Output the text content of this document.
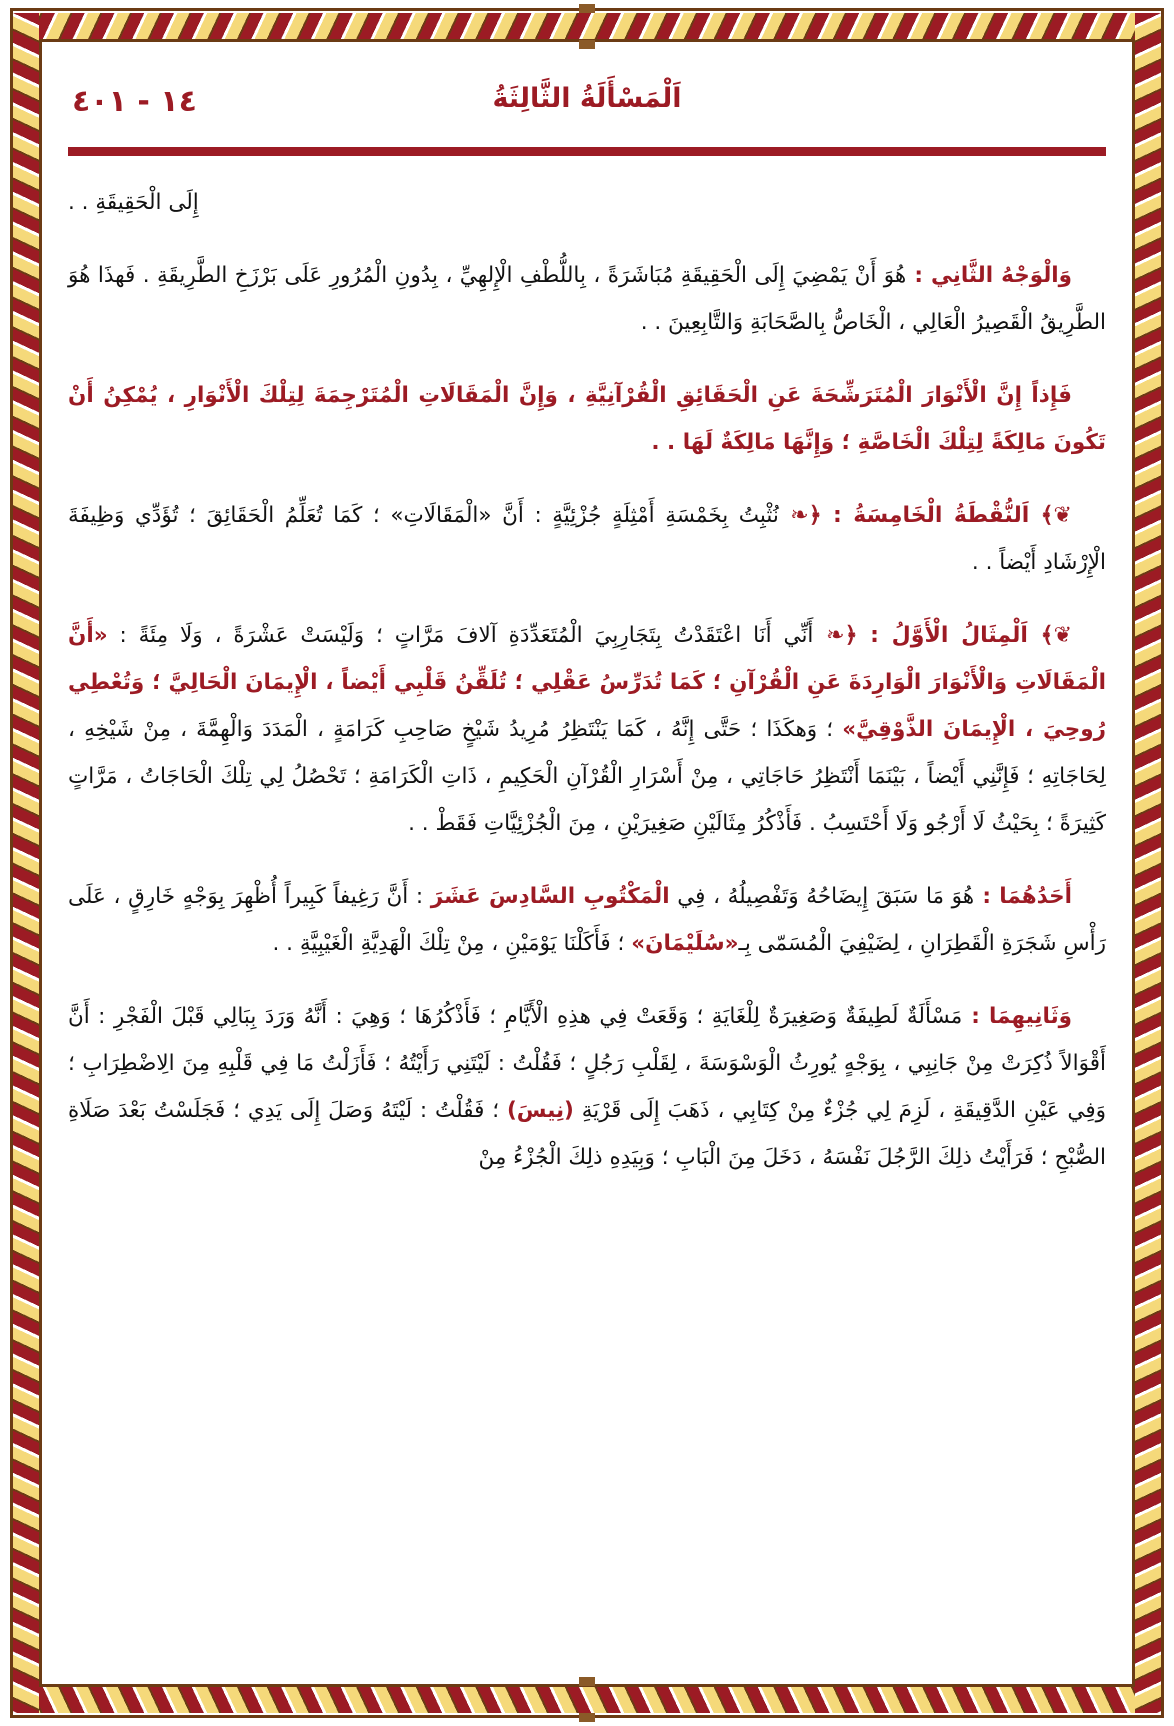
١٤ - ٤٠١	اَلْمَسْأَلَةُ الثَّالِثَةُ

إِلَى الْحَقِيقَةِ . .

وَالْوَجْهُ الثَّانِي : هُوَ أَنْ يَمْضِيَ إِلَى الْحَقِيقَةِ مُبَاشَرَةً ، بِاللُّطْفِ الْإِلهِيِّ ، بِدُونِ الْمُرُورِ عَلَى بَرْزَخِ الطَّرِيقَةِ . فَهذَا هُوَ الطَّرِيقُ الْقَصِيرُ الْعَالِي ، الْخَاصُّ بِالصَّحَابَةِ وَالتَّابِعِينَ . .

فَإِذاً إِنَّ الْأَنْوَارَ الْمُتَرَشِّحَةَ عَنِ الْحَقَائِقِ الْقُرْآنِيَّةِ ، وَإِنَّ الْمَقَالَاتِ الْمُتَرْجِمَةَ لِتِلْكَ الْأَنْوَارِ ، يُمْكِنُ أَنْ تَكُونَ مَالِكَةً لِتِلْكَ الْخَاصَّةِ ؛ وَإِنَّهَا مَالِكَةٌ لَهَا . .

❦﴾ اَلنُّقْطَةُ الْخَامِسَةُ : ﴿❧ نُثْبِتُ بِخَمْسَةِ أَمْثِلَةٍ جُزْئِيَّةٍ : أَنَّ «الْمَقَالَاتِ» ؛ كَمَا تُعَلِّمُ الْحَقَائِقَ ؛ تُؤَدِّي وَظِيفَةَ الْإِرْشَادِ أَيْضاً . .

❦﴾ اَلْمِثَالُ الْأَوَّلُ : ﴿❧ أَنِّي أَنَا اعْتَقَدْتُ بِتَجَارِبِيَ الْمُتَعَدِّدَةِ آلافَ مَرَّاتٍ ؛ وَلَيْسَتْ عَشْرَةً ، وَلَا مِئَةً : «أَنَّ الْمَقَالَاتِ وَالْأَنْوَارَ الْوَارِدَةَ عَنِ الْقُرْآنِ ؛ كَمَا تُدَرِّسُ عَقْلِي ؛ تُلَقِّنُ قَلْبِي أَيْضاً ، الْإِيمَانَ الْحَالِيَّ ؛ وَتُعْطِي رُوحِيَ ، الْإِيمَانَ الذَّوْقِيَّ» ؛ وَهكَذَا ؛ حَتَّى إِنَّهُ ، كَمَا يَنْتَظِرُ مُرِيدُ شَيْخٍ صَاحِبِ كَرَامَةٍ ، الْمَدَدَ وَالْهِمَّةَ ، مِنْ شَيْخِهِ ، لِحَاجَاتِهِ ؛ فَإِنَّنِي أَيْضاً ، بَيْنَمَا أَنْتَظِرُ حَاجَاتِي ، مِنْ أَسْرَارِ الْقُرْآنِ الْحَكِيمِ ، ذَاتِ الْكَرَامَةِ ؛ تَحْصُلُ لِي تِلْكَ الْحَاجَاتُ ، مَرَّاتٍ كَثِيرَةً ؛ بِحَيْثُ لَا أَرْجُو وَلَا أَحْتَسِبُ . فَأَذْكُرُ مِثَالَيْنِ صَغِيرَيْنِ ، مِنَ الْجُزْئِيَّاتِ فَقَطْ . .

أَحَدُهُمَا : هُوَ مَا سَبَقَ إِيضَاحُهُ وَتَفْصِيلُهُ ، فِي الْمَكْتُوبِ السَّادِسَ عَشَرَ : أَنَّ رَغِيفاً كَبِيراً أُظْهِرَ بِوَجْهٍ خَارِقٍ ، عَلَى رَأْسِ شَجَرَةِ الْقَطِرَانِ ، لِضَيْفِيَ الْمُسَمّى بِـ«سُلَيْمَانَ» ؛ فَأَكَلْنَا يَوْمَيْنِ ، مِنْ تِلْكَ الْهَدِيَّةِ الْغَيْبِيَّةِ . .

وَثَانِيهِمَا : مَسْأَلَةٌ لَطِيفَةٌ وَصَغِيرَةٌ لِلْغَايَةِ ؛ وَقَعَتْ فِي هذِهِ الْأَيَّامِ ؛ فَأَذْكُرُهَا ؛ وَهِيَ : أَنَّهُ وَرَدَ بِبَالِي قَبْلَ الْفَجْرِ : أَنَّ أَقْوَالاً ذُكِرَتْ مِنْ جَانِبِي ، بِوَجْهٍ يُورِثُ الْوَسْوَسَةَ ، لِقَلْبِ رَجُلٍ ؛ فَقُلْتُ : لَيْتَنِي رَأَيْتُهُ ؛ فَأَزَلْتُ مَا فِي قَلْبِهِ مِنَ الِاضْطِرَابِ ؛ وَفِي عَيْنِ الدَّقِيقَةِ ، لَزِمَ لِي جُزْءٌ مِنْ كِتَابِي ، ذَهَبَ إِلَى قَرْيَةِ (نِيسَ) ؛ فَقُلْتُ : لَيْتَهُ وَصَلَ إِلَى يَدِي ؛ فَجَلَسْتُ بَعْدَ صَلَاةِ الصُّبْحِ ؛ فَرَأَيْتُ ذلِكَ الرَّجُلَ نَفْسَهُ ، دَخَلَ مِنَ الْبَابِ ؛ وَبِيَدِهِ ذلِكَ الْجُزْءُ مِنْ
